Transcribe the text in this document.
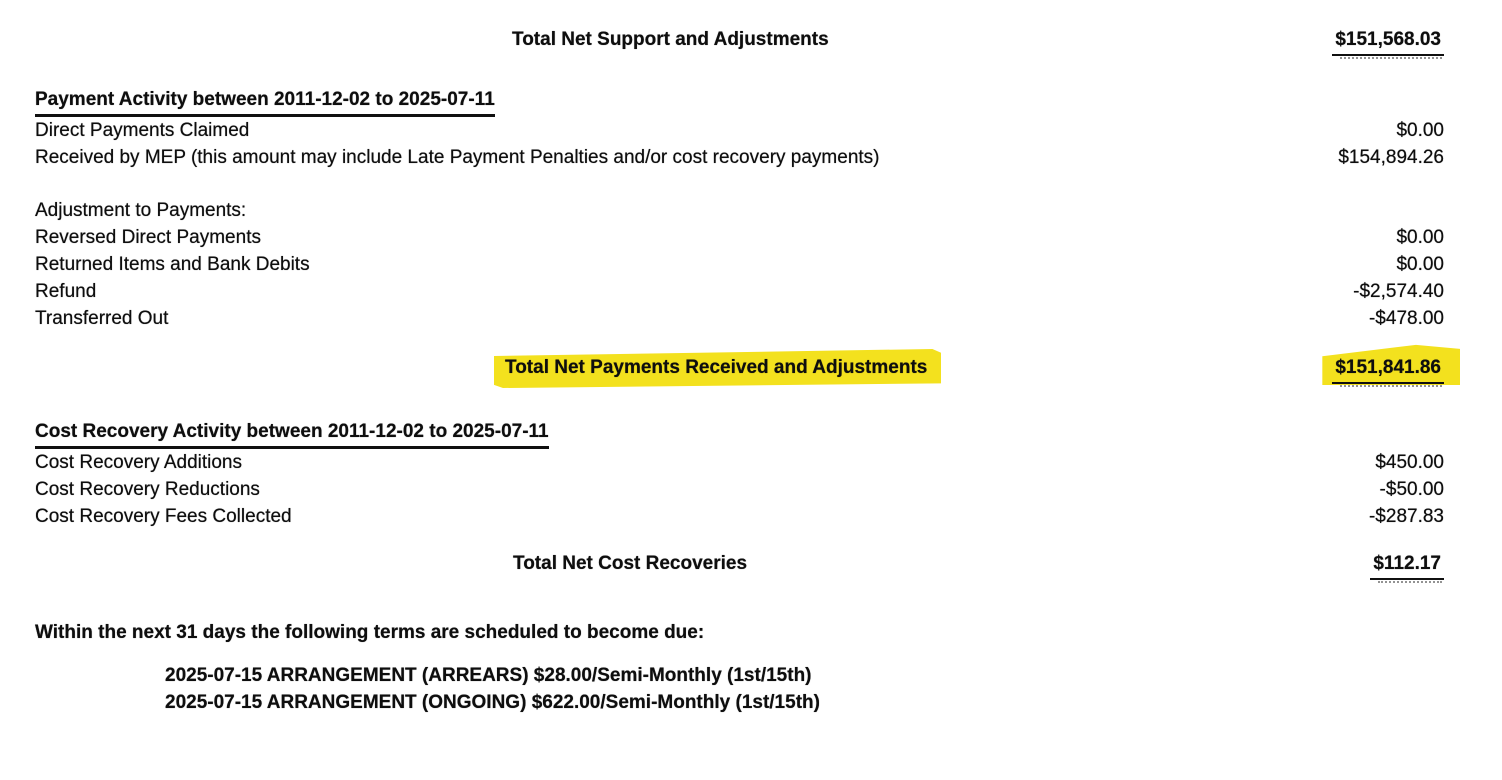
Total Net Support and Adjustments	$151,568.03
Payment Activity between 2011-12-02 to 2025-07-11
Direct Payments Claimed	$0.00
Received by MEP (this amount may include Late Payment Penalties and/or cost recovery payments)	$154,894.26
Adjustment to Payments:
Reversed Direct Payments	$0.00
Returned Items and Bank Debits	$0.00
Refund	-$2,574.40
Transferred Out	-$478.00
Total Net Payments Received and Adjustments	$151,841.86
Cost Recovery Activity between 2011-12-02 to 2025-07-11
Cost Recovery Additions	$450.00
Cost Recovery Reductions	-$50.00
Cost Recovery Fees Collected	-$287.83
Total Net Cost Recoveries	$112.17
Within the next 31 days the following terms are scheduled to become due:
2025-07-15 ARRANGEMENT (ARREARS) $28.00/Semi-Monthly (1st/15th)
2025-07-15 ARRANGEMENT (ONGOING) $622.00/Semi-Monthly (1st/15th)
